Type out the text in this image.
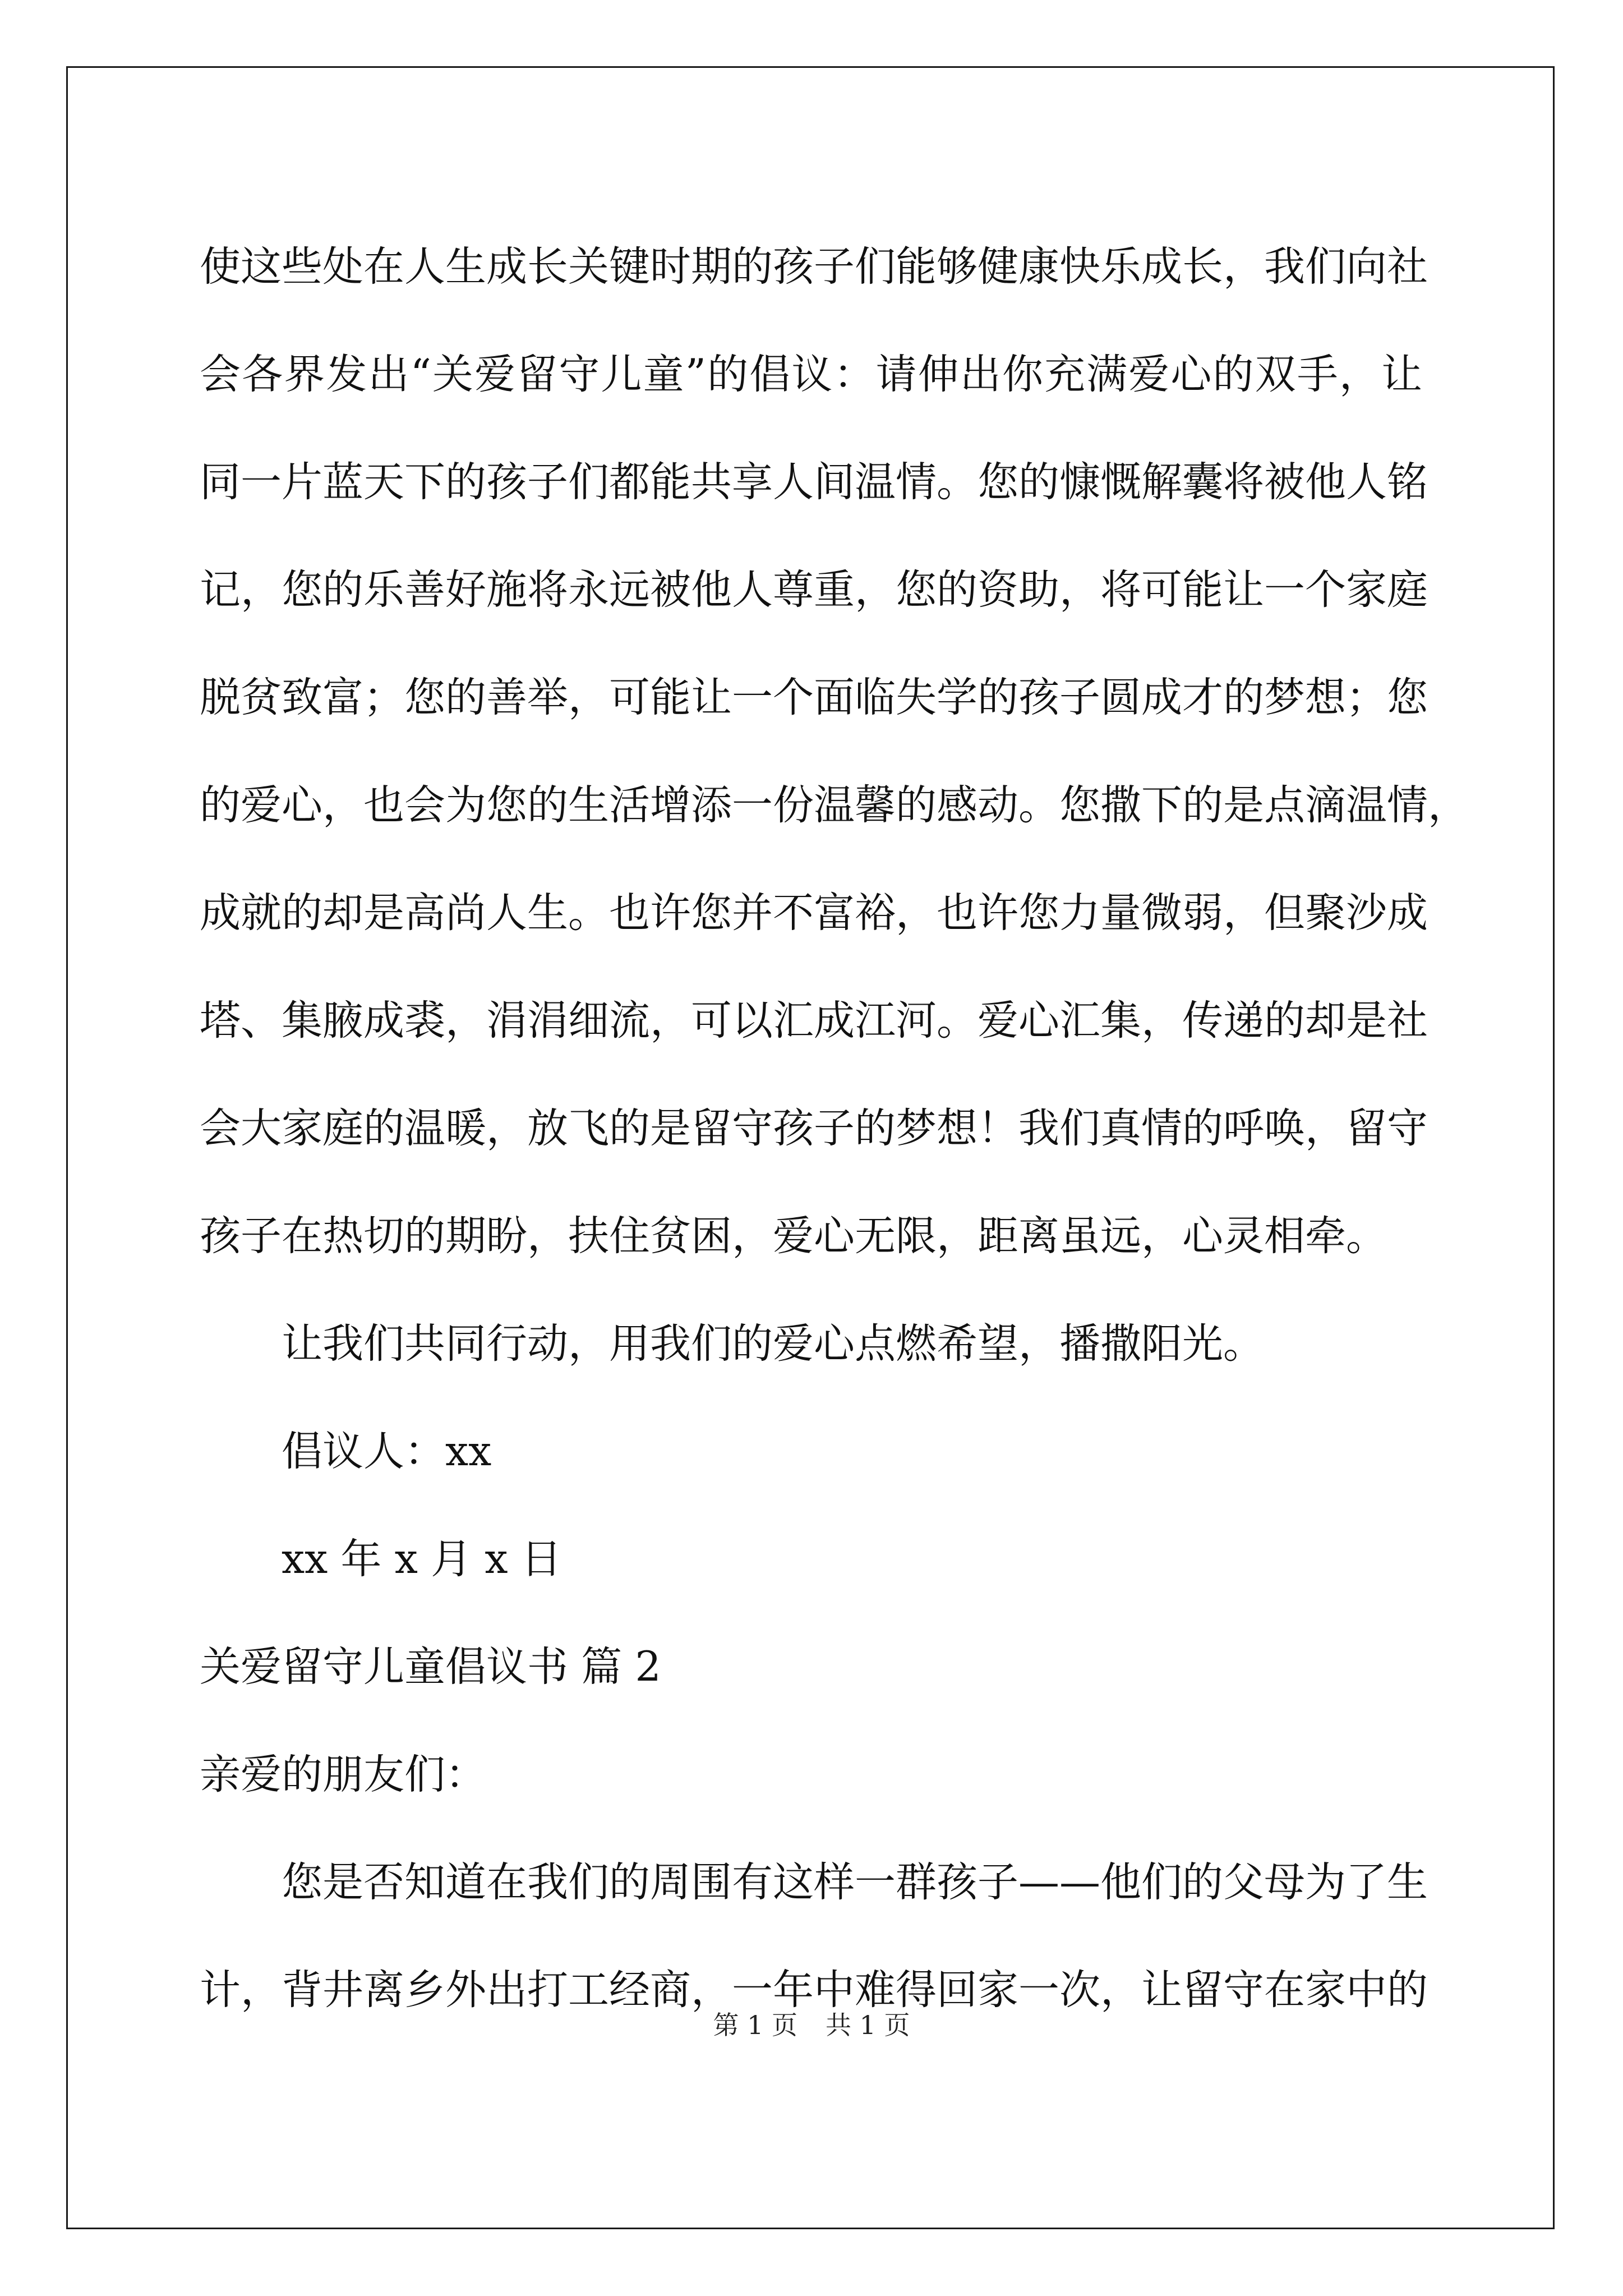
使这些处在人生成长关键时期的孩子们能够健康快乐成长，我们向社
会各界发出“关爱留守儿童”的倡议：请伸出你充满爱心的双手，让
同一片蓝天下的孩子们都能共享人间温情。您的慷慨解囊将被他人铭
记，您的乐善好施将永远被他人尊重，您的资助，将可能让一个家庭
脱贫致富；您的善举，可能让一个面临失学的孩子圆成才的梦想；您
的爱心，也会为您的生活增添一份温馨的感动。您撒下的是点滴温情，
成就的却是高尚人生。也许您并不富裕，也许您力量微弱，但聚沙成
塔、集腋成裘，涓涓细流，可以汇成江河。爱心汇集，传递的却是社
会大家庭的温暖，放飞的是留守孩子的梦想！我们真情的呼唤，留守
孩子在热切的期盼，扶住贫困，爱心无限，距离虽远，心灵相牵。
让我们共同行动，用我们的爱心点燃希望，播撒阳光。
倡议人：xx
xx 年 x 月 x 日
关爱留守儿童倡议书 篇 2
亲爱的朋友们：
您是否知道在我们的周围有这样一群孩子——他们的父母为了生
计，背井离乡外出打工经商，一年中难得回家一次，让留守在家中的
第 1 页 共 1 页
